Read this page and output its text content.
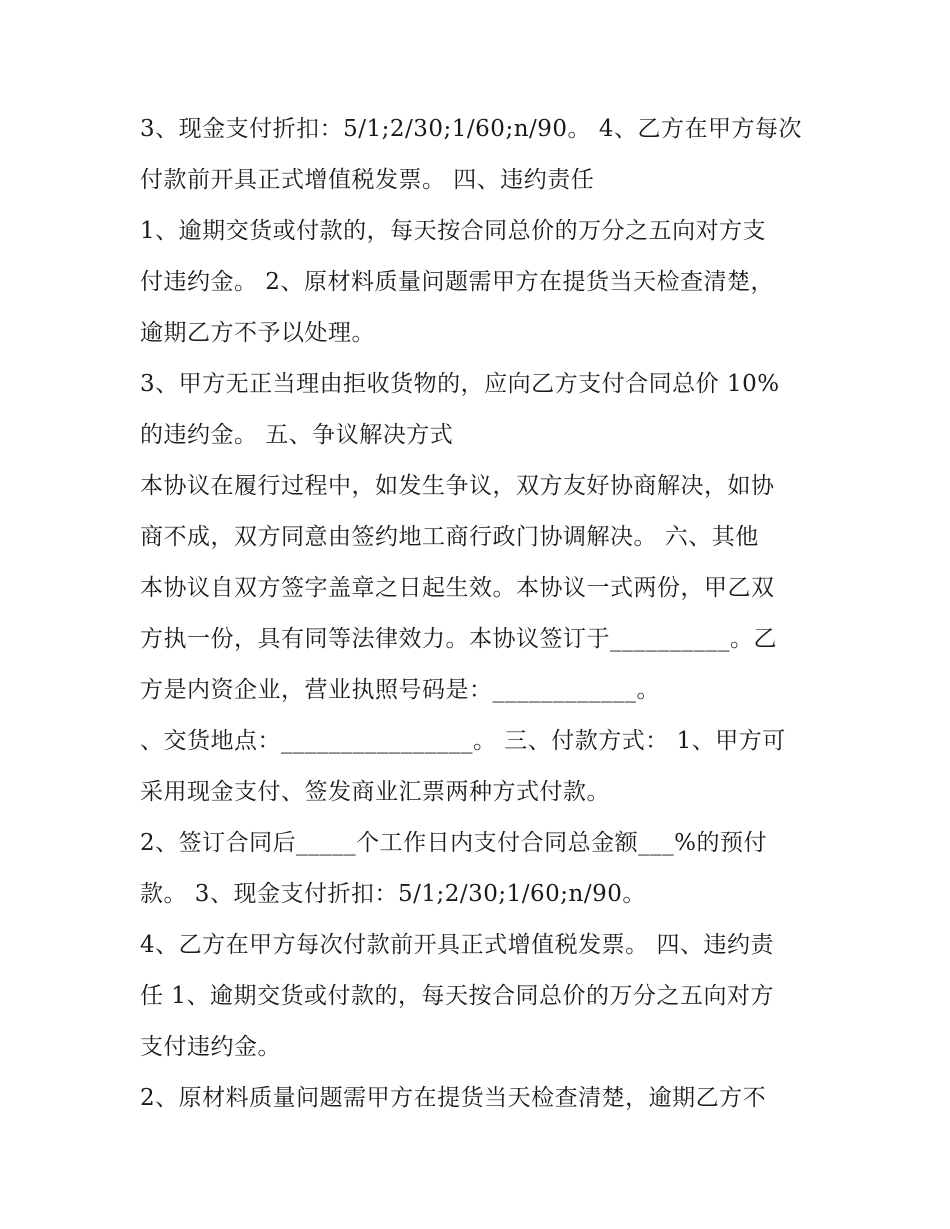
3、现金支付折扣：5/1;2/30;1/60;n/90。 4、乙方在甲方每次
付款前开具正式增值税发票。 四、违约责任
1、逾期交货或付款的，每天按合同总价的万分之五向对方支
付违约金。 2、原材料质量问题需甲方在提货当天检查清楚，
逾期乙方不予以处理。
3、甲方无正当理由拒收货物的，应向乙方支付合同总价 10%
的违约金。 五、争议解决方式
本协议在履行过程中，如发生争议，双方友好协商解决，如协
商不成，双方同意由签约地工商行政门协调解决。 六、其他
本协议自双方签字盖章之日起生效。本协议一式两份，甲乙双
方执一份，具有同等法律效力。本协议签订于__________。乙
方是内资企业，营业执照号码是：____________。
、交货地点：________________。 三、付款方式： 1、甲方可
采用现金支付、签发商业汇票两种方式付款。
2、签订合同后_____个工作日内支付合同总金额___%的预付
款。 3、现金支付折扣：5/1;2/30;1/60;n/90。
4、乙方在甲方每次付款前开具正式增值税发票。 四、违约责
任 1、逾期交货或付款的，每天按合同总价的万分之五向对方
支付违约金。
2、原材料质量问题需甲方在提货当天检查清楚，逾期乙方不
